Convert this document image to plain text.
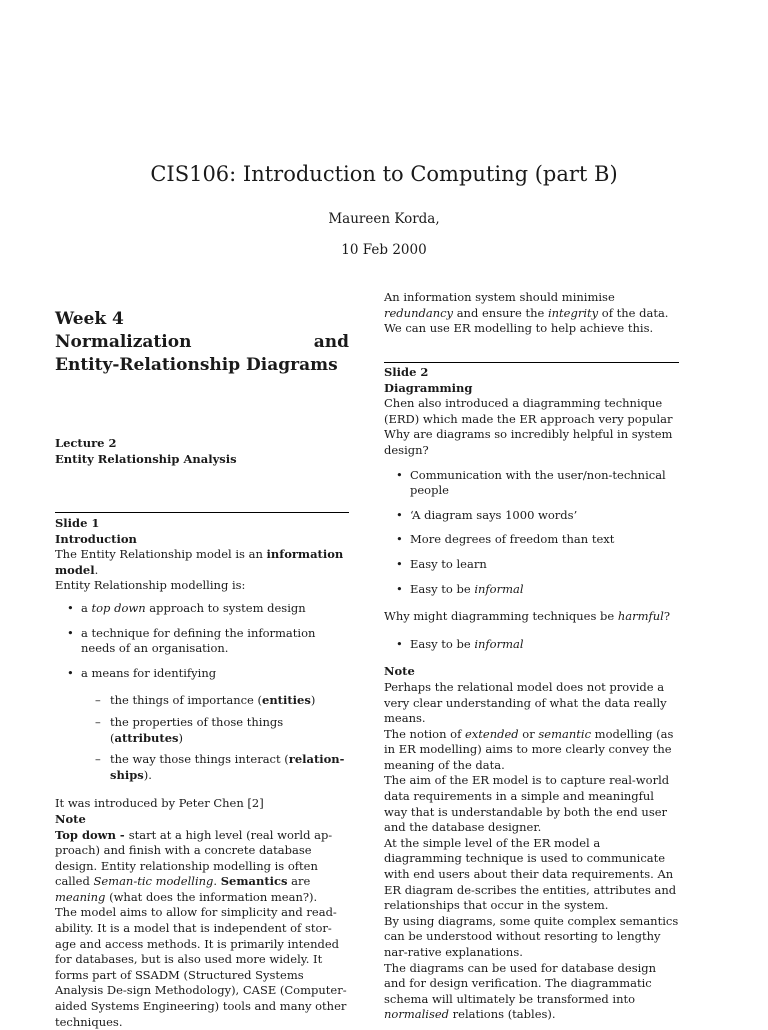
CIS106: Introduction to Computing (part B)
Maureen Korda,
10 Feb 2000
Week 4
Normalization	and
Entity-Relationship Diagrams
Lecture 2
Entity Relationship Analysis
Slide 1
Introduction

The Entity Relationship model is an information model.

Entity Relationship modelling is:

• a top down approach to system design
• a technique for defining the information needs of an organisation.
• a means for identifying
– the things of importance (entities)
– the properties of those things (attributes)
– the way those things interact (relation-ships).

It was introduced by Peter Chen [2]

Note

Top down - start at a high level (real world ap-proach) and finish with a concrete database design. Entity relationship modelling is often called Seman-tic modelling. Semantics are meaning (what does the information mean?).

The model aims to allow for simplicity and read-ability. It is a model that is independent of stor-age and access methods. It is primarily intended for databases, but is also used more widely. It forms part of SSADM (Structured Systems Analysis De-sign Methodology), CASE (Computer-aided Systems Engineering) tools and many other techniques.

An information system should minimise redundancy and ensure the integrity of the data. We can use ER modelling to help achieve this.

Slide 2
Diagramming

Chen also introduced a diagramming technique (ERD) which made the ER approach very popular

Why are diagrams so incredibly helpful in system design?

• Communication with the user/non-technical people
• ‘A diagram says 1000 words’
• More degrees of freedom than text
• Easy to learn
• Easy to be informal

Why might diagramming techniques be harmful?

• Easy to be informal
Note

Perhaps the relational model does not provide a very clear understanding of what the data really means.

The notion of extended or semantic modelling (as in ER modelling) aims to more clearly convey the meaning of the data.

The aim of the ER model is to capture real-world data requirements in a simple and meaningful way that is understandable by both the end user and the database designer.

At the simple level of the ER model a diagramming technique is used to communicate with end users about their data requirements. An ER diagram de-scribes the entities, attributes and relationships that occur in the system.

By using diagrams, some quite complex semantics can be understood without resorting to lengthy nar-rative explanations.

The diagrams can be used for database design and for design verification. The diagrammatic schema will ultimately be transformed into normalised relations (tables).
